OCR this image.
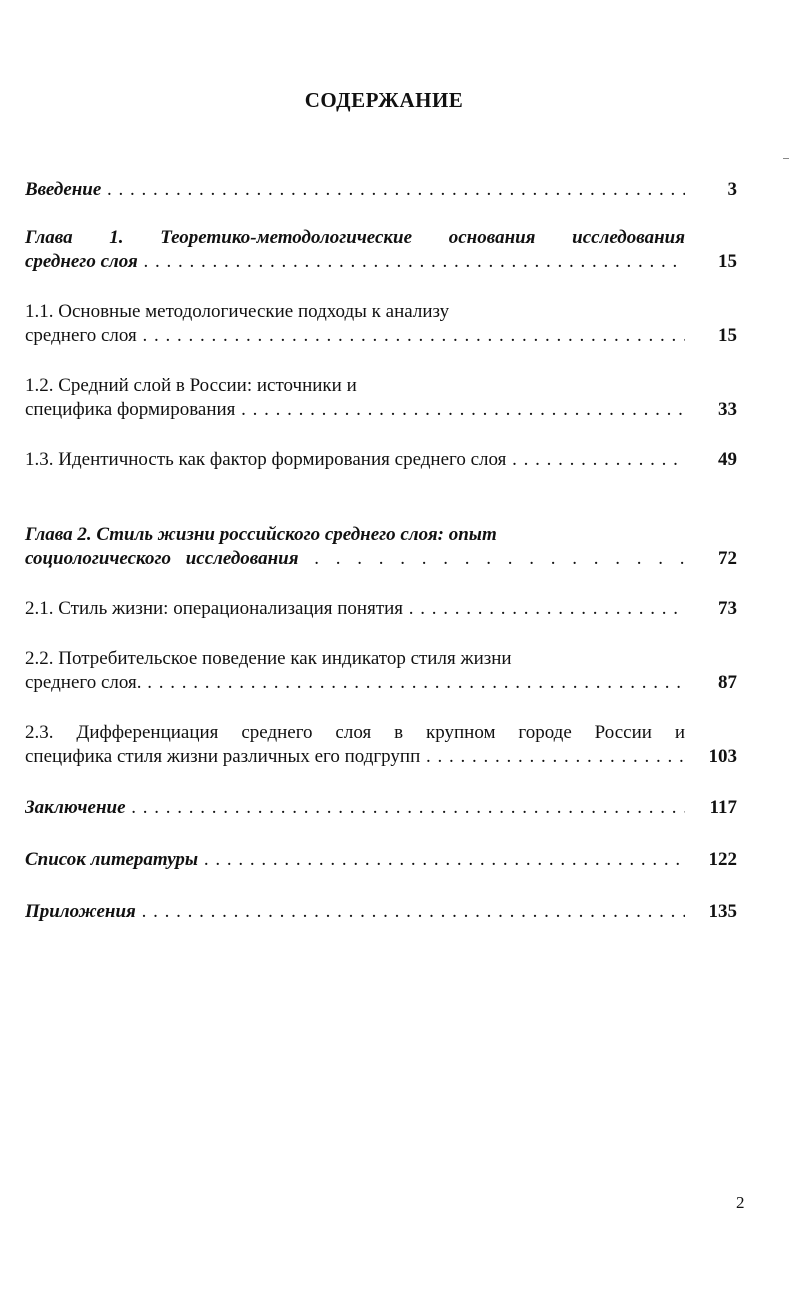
СОДЕРЖАНИЕ
Введение . . .	3
Глава 1. Теоретико-методологические основания исследования
среднего слоя . . .	15
1.1. Основные методологические подходы к анализу
среднего слоя . . .	15
1.2. Средний слой в России: источники и
специфика формирования . . .	33
1.3. Идентичность как фактор формирования среднего слоя . . .	49
Глава 2. Стиль жизни российского среднего слоя: опыт
социологического исследования . . .	72
2.1. Стиль жизни: операционализация понятия . . .	73
2.2. Потребительское поведение как индикатор стиля жизни
среднего слоя. . . .	87
2.3. Дифференциация среднего слоя в крупном городе России и
специфика стиля жизни различных его подгрупп . . .	103
Заключение . . .	117
Список литературы . . .	122
Приложения . . .	135
2
